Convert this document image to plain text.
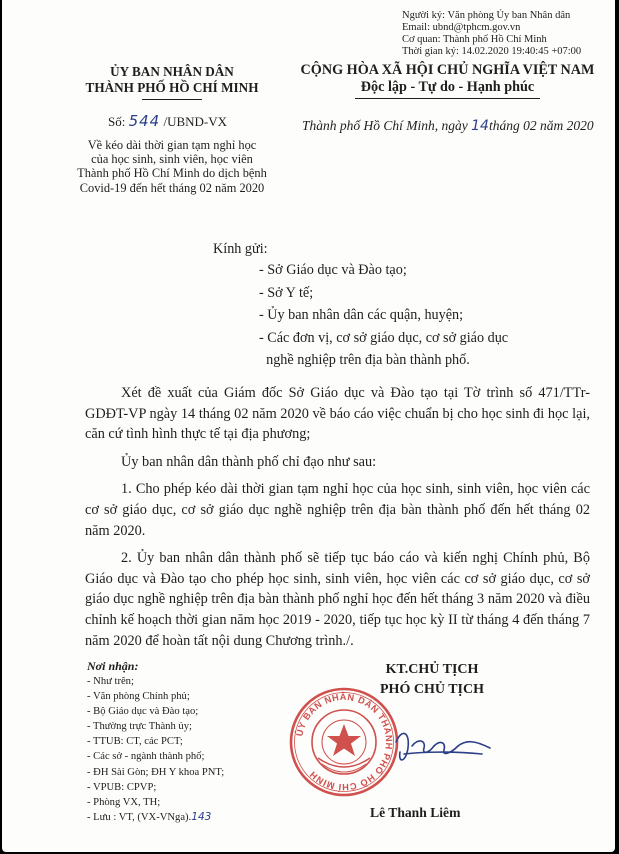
Người ký: Văn phòng Ủy ban Nhân dân
Email: ubnd@tphcm.gov.vn
Cơ quan: Thành phố Hồ Chí Minh
Thời gian ký: 14.02.2020 19:40:45 +07:00
ỦY BAN NHÂN DÂN
THÀNH PHỐ HỒ CHÍ MINH
CỘNG HÒA XÃ HỘI CHỦ NGHĨA VIỆT NAM
Độc lập - Tự do - Hạnh phúc
Số: 544 /UBND-VX
Về kéo dài thời gian tạm nghỉ học
của học sinh, sinh viên, học viên
Thành phố Hồ Chí Minh do dịch bệnh
Covid-19 đến hết tháng 02 năm 2020
Thành phố Hồ Chí Minh, ngày 14tháng 02 năm 2020
Kính gửi:
- Sở Giáo dục và Đào tạo;
- Sở Y tế;
- Ủy ban nhân dân các quận, huyện;
- Các đơn vị, cơ sở giáo dục, cơ sở giáo dục
nghề nghiệp trên địa bàn thành phố.

Xét đề xuất của Giám đốc Sở Giáo dục và Đào tạo tại Tờ trình số 471/TTr-GDĐT-VP ngày 14 tháng 02 năm 2020 về báo cáo việc chuẩn bị cho học sinh đi học lại, căn cứ tình hình thực tế tại địa phương;

Ủy ban nhân dân thành phố chỉ đạo như sau:

1. Cho phép kéo dài thời gian tạm nghỉ học của học sinh, sinh viên, học viên các cơ sở giáo dục, cơ sở giáo dục nghề nghiệp trên địa bàn thành phố đến hết tháng 02 năm 2020.

2. Ủy ban nhân dân thành phố sẽ tiếp tục báo cáo và kiến nghị Chính phủ, Bộ Giáo dục và Đào tạo cho phép học sinh, sinh viên, học viên các cơ sở giáo dục, cơ sở giáo dục nghề nghiệp trên địa bàn thành phố nghỉ học đến hết tháng 3 năm 2020 và điều chỉnh kế hoạch thời gian năm học 2019 - 2020, tiếp tục học kỳ II từ tháng 4 đến tháng 7 năm 2020 để hoàn tất nội dung Chương trình./.

Nơi nhận:
- Như trên;
- Văn phòng Chính phủ;
- Bộ Giáo dục và Đào tạo;
- Thường trực Thành ủy;
- TTUB: CT, các PCT;
- Các sở - ngành thành phố;
- ĐH Sài Gòn; ĐH Y khoa PNT;
- VPUB: CPVP;
- Phòng VX, TH;
- Lưu : VT, (VX-VNga).143
KT.CHỦ TỊCH
PHÓ CHỦ TỊCH
ỦY BAN NHÂN DÂN THÀNH PHỐ HỒ CHÍ MINH
Lê Thanh Liêm
